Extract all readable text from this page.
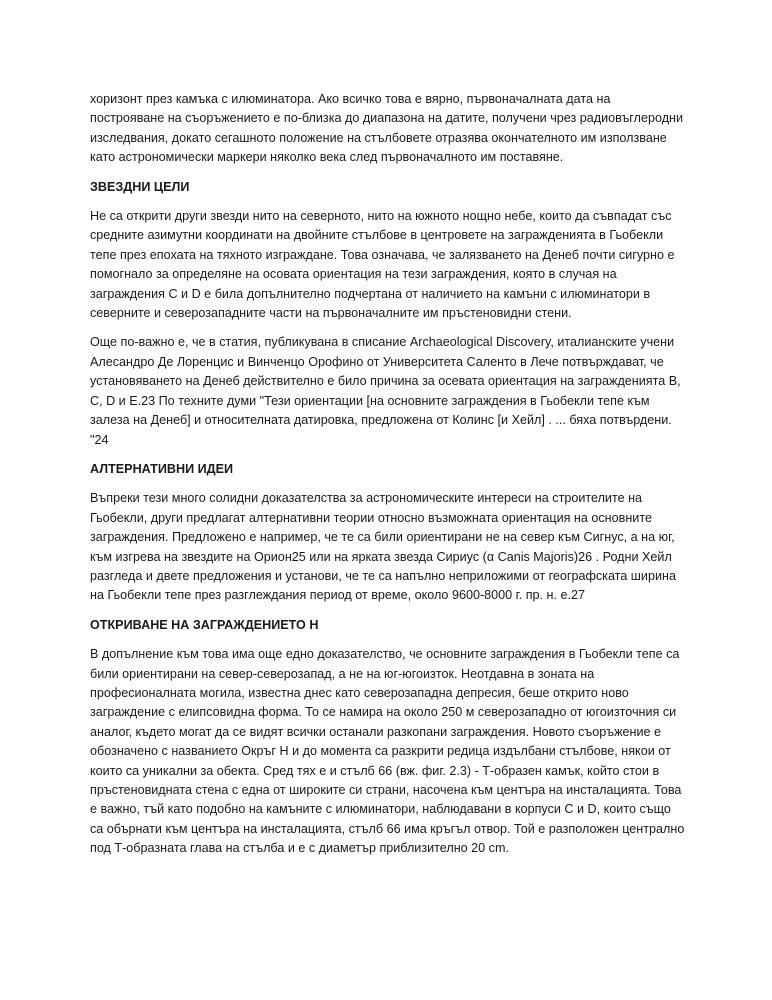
хоризонт през камъка с илюминатора. Ако всичко това е вярно, първоначалната дата на построяване на съоръжението е по-близка до диапазона на датите, получени чрез радиовъглеродни изследвания, докато сегашното положение на стълбовете отразява окончателното им използване като астрономически маркери няколко века след първоначалното им поставяне.

ЗВЕЗДНИ ЦЕЛИ

Не са открити други звезди нито на северното, нито на южното нощно небе, които да съвпадат със средните азимутни координати на двойните стълбове в центровете на загражденията в Гьобекли тепе през епохата на тяхното изграждане. Това означава, че залязването на Денеб почти сигурно е помогнало за определяне на осовата ориентация на тези заграждения, която в случая на заграждения C и D е била допълнително подчертана от наличието на камъни с илюминатори в северните и северозападните части на първоначалните им пръстеновидни стени.

Още по-важно е, че в статия, публикувана в списание Archaeological Discovery, италианските учени Алесандро Де Лоренцис и Винченцо Орофино от Университета Саленто в Лече потвърждават, че установяването на Денеб действително е било причина за осевата ориентация на загражденията B, C, D и E.23 По техните думи "Тези ориентации [на основните заграждения в Гьобекли тепе към залеза на Денеб] и относителната датировка, предложена от Колинс [и Хейл] . ... бяха потвърдени. "24

АЛТЕРНАТИВНИ ИДЕИ

Въпреки тези много солидни доказателства за астрономическите интереси на строителите на Гьобекли, други предлагат алтернативни теории относно възможната ориентация на основните заграждения. Предложено е например, че те са били ориентирани не на север към Сигнус, а на юг, към изгрева на звездите на Орион25 или на ярката звезда Сириус (α Canis Majoris)26 . Родни Хейл разгледа и двете предложения и установи, че те са напълно неприложими от географската ширина на Гьобекли тепе през разглеждания период от време, около 9600-8000 г. пр. н. е.27

ОТКРИВАНЕ НА ЗАГРАЖДЕНИЕТО H

В допълнение към това има още едно доказателство, че основните заграждения в Гьобекли тепе са били ориентирани на север-северозапад, а не на юг-югоизток. Неотдавна в зоната на професионалната могила, известна днес като северозападна депресия, беше открито ново заграждение с елипсовидна форма. То се намира на около 250 м северозападно от югоизточния си аналог, където могат да се видят всички останали разкопани заграждения. Новото съоръжение е обозначено с названието Окръг H и до момента са разкрити редица издълбани стълбове, някои от които са уникални за обекта. Сред тях е и стълб 66 (вж. фиг. 2.3) - Т-образен камък, който стои в пръстеновидната стена с една от широките си страни, насочена към центъра на инсталацията. Това е важно, тъй като подобно на камъните с илюминатори, наблюдавани в корпуси C и D, които също са обърнати към центъра на инсталацията, стълб 66 има кръгъл отвор. Той е разположен централно под Т-образната глава на стълба и е с диаметър приблизително 20 cm.
